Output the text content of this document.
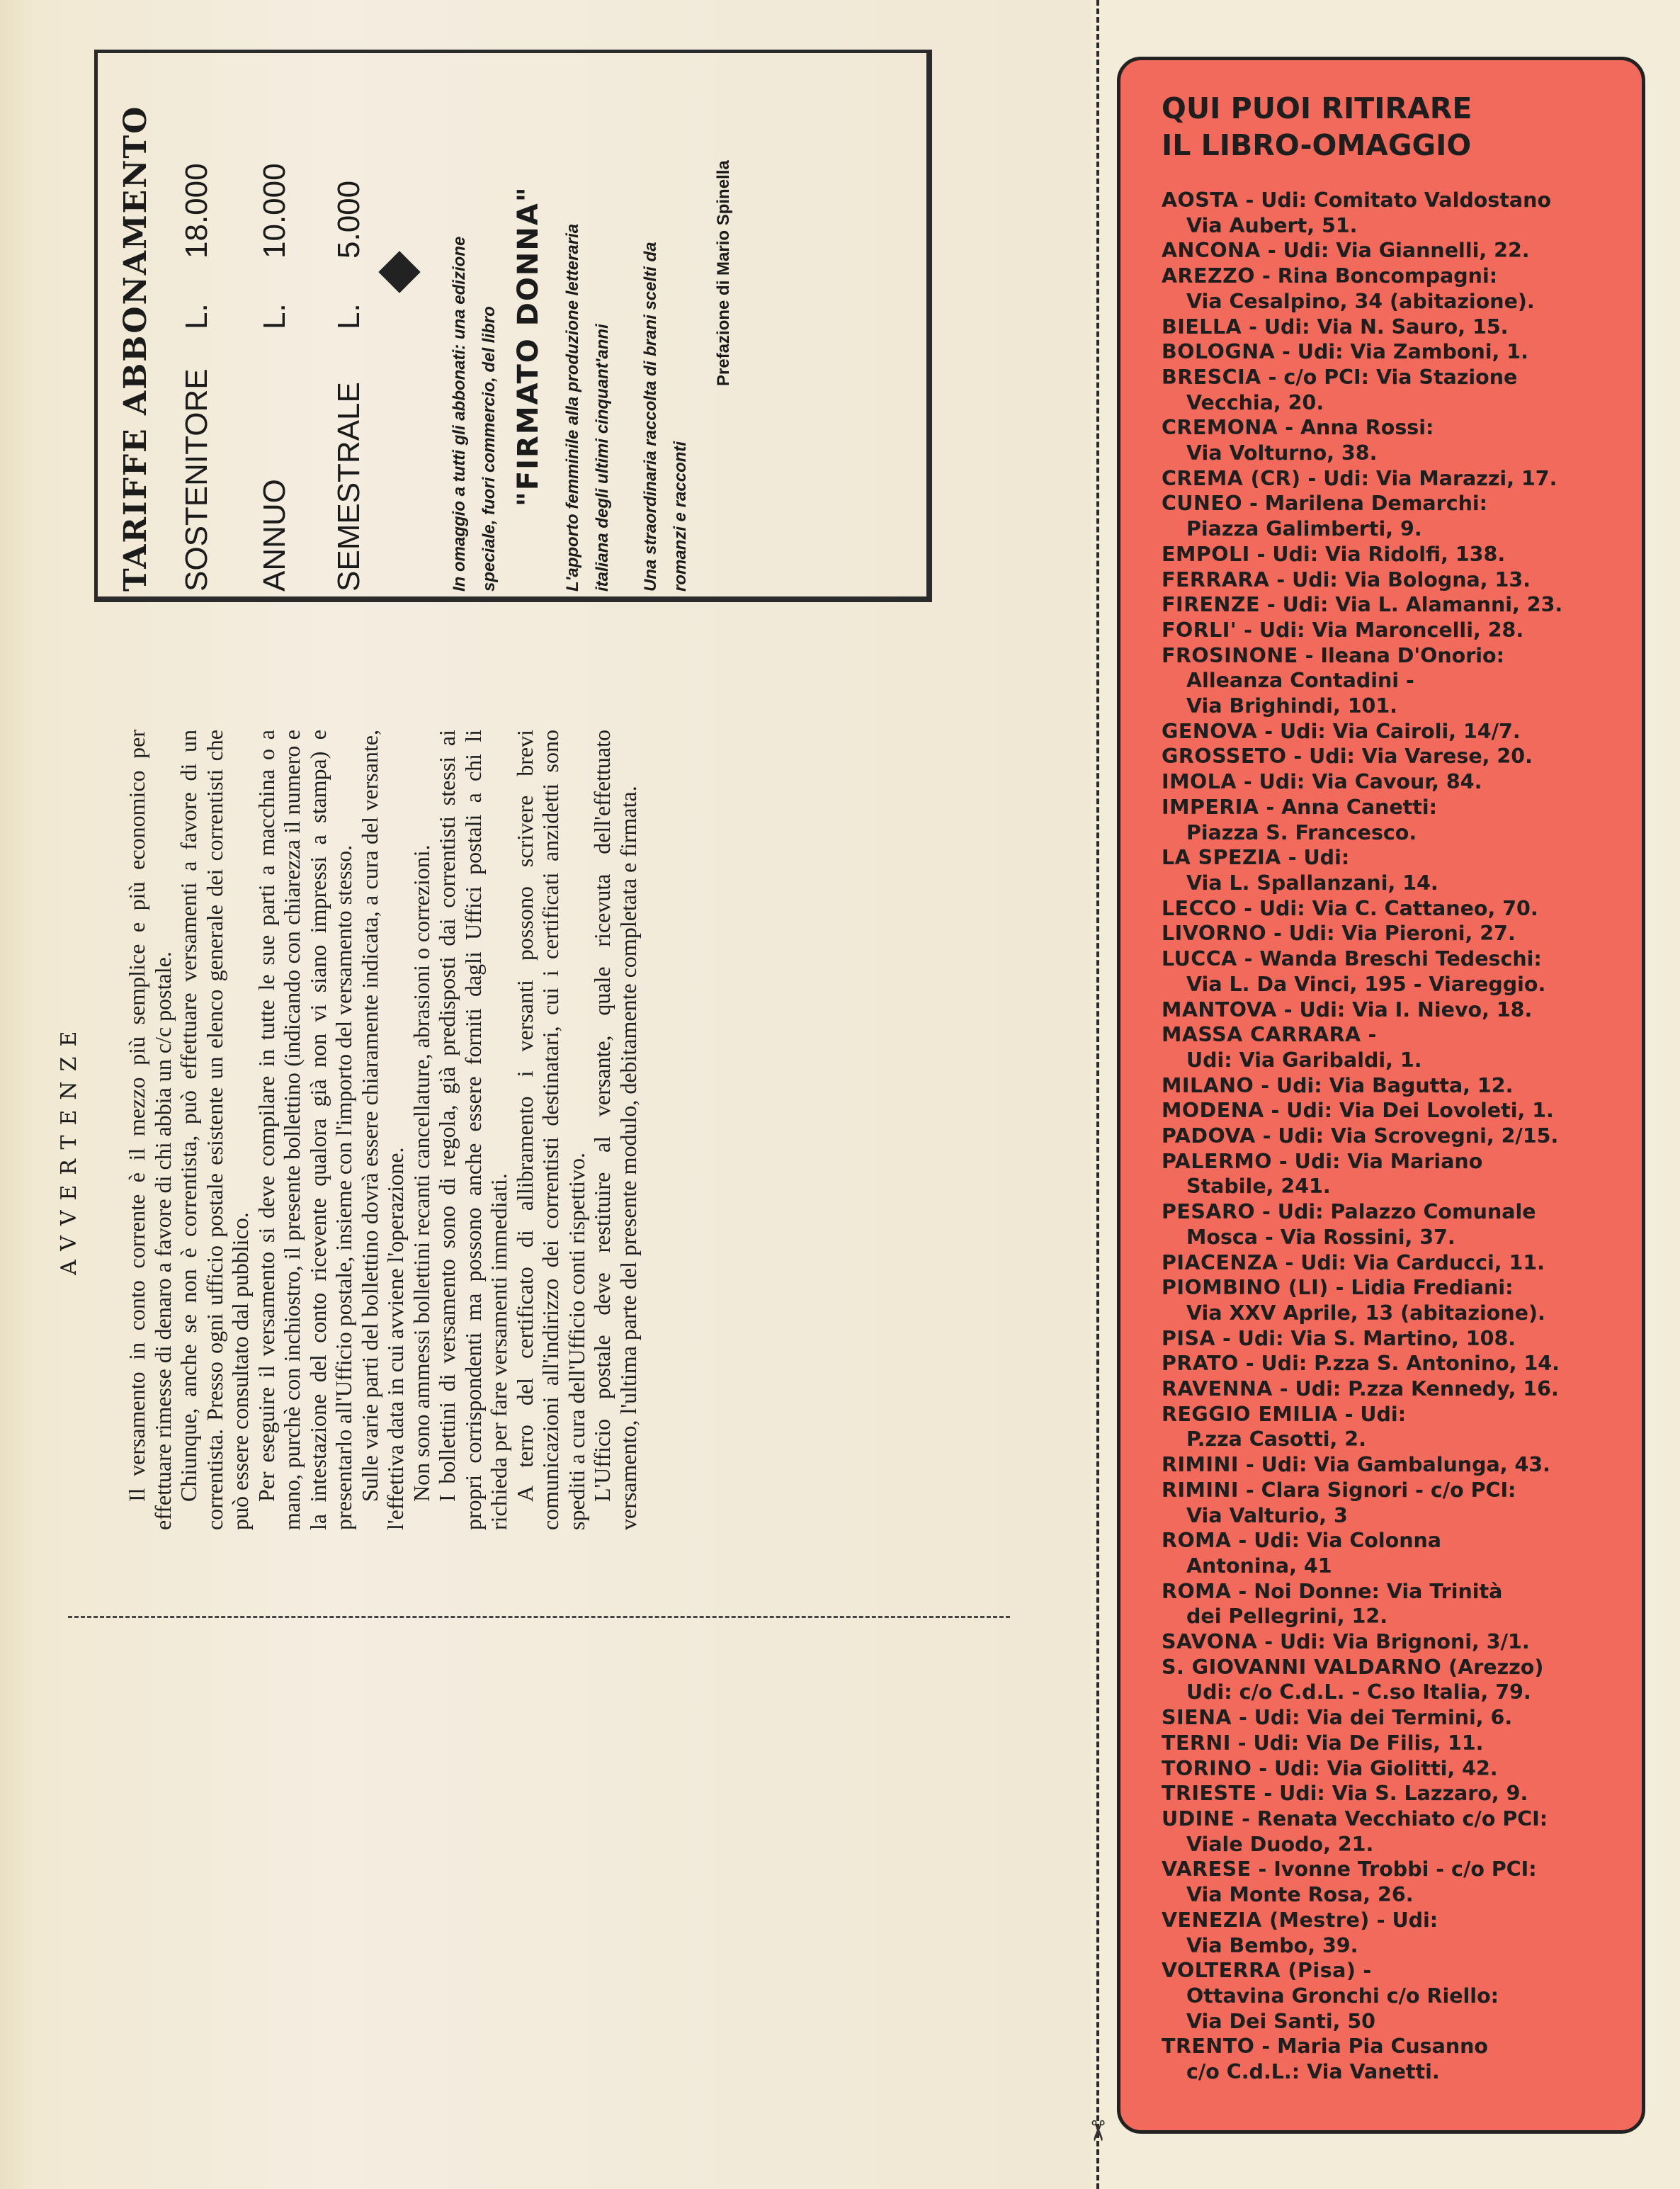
TARIFFE ABBONAMENTO SOSTENITORE
L.
18.000
ANNUO
L.
10.000
SEMESTRALE
L.
5.000
In omaggio a tutti gli abbonati: una edizione speciale, fuori commercio, del libro "FIRMATO DONNA" L'apporto femminile alla produzione letteraria italiana degli ultimi cinquant'anni	Una straordinaria raccolta di brani scelti da romanzi e racconti
Prefazione di Mario Spinella
AVVERTENZE Il versamento in conto corrente è il mezzo più semplice e più economico per effettuare rimesse di denaro a favore di chi abbia un c/c postale. Chiunque, anche se non è correntista, può effettuare versamenti a favore di un correntista. Presso ogni ufficio postale esistente un elenco generale dei correntisti che può essere consultato dal pubblico. Per eseguire il versamento si deve compilare in tutte le sue parti a macchina o a mano, purchè con inchiostro, il presente bollettino (indicando con chiarezza il numero e la intestazione del conto ricevente qualora già non vi siano impressi a stampa) e presentarlo all'Ufficio postale, insieme con l'importo del versamento stesso. Sulle varie parti del bollettino dovrà essere chiaramente indicata, a cura del versante, l'effettiva data in cui avviene l'operazione. Non sono ammessi bollettini recanti cancellature, abrasioni o correzioni. I bollettini di versamento sono di regola, già predisposti dai correntisti stessi ai propri corrispondenti ma possono anche essere forniti dagli Uffici postali a chi li richieda per fare versamenti immediati. A terro del certificato di allibramento i versanti possono scrivere brevi comunicazioni all'indirizzo dei correntisti destinatari, cui i certificati anzidetti sono spediti a cura dell'Ufficio conti rispettivo. L'Ufficio postale deve restituire al versante, quale ricevuta dell'effettuato versamento, l'ultima parte del presente modulo, debitamente completata e firmata.

✂
QUI PUOI RITIRARE
IL LIBRO-OMAGGIO
AOSTA - Udi: Comitato Valdostano
Via Aubert, 51.
ANCONA - Udi: Via Giannelli, 22.
AREZZO - Rina Boncompagni:
Via Cesalpino, 34 (abitazione).
BIELLA - Udi: Via N. Sauro, 15.
BOLOGNA - Udi: Via Zamboni, 1.
BRESCIA - c/o PCI: Via Stazione
Vecchia, 20.
CREMONA - Anna Rossi:
Via Volturno, 38.
CREMA (CR) - Udi: Via Marazzi, 17.
CUNEO - Marilena Demarchi:
Piazza Galimberti, 9.
EMPOLI - Udi: Via Ridolfi, 138.
FERRARA - Udi: Via Bologna, 13.
FIRENZE - Udi: Via L. Alamanni, 23.
FORLI' - Udi: Via Maroncelli, 28.
FROSINONE - Ileana D'Onorio:
Alleanza Contadini -
Via Brighindi, 101.
GENOVA - Udi: Via Cairoli, 14/7.
GROSSETO - Udi: Via Varese, 20.
IMOLA - Udi: Via Cavour, 84.
IMPERIA - Anna Canetti:
Piazza S. Francesco.
LA SPEZIA - Udi:
Via L. Spallanzani, 14.
LECCO - Udi: Via C. Cattaneo, 70.
LIVORNO - Udi: Via Pieroni, 27.
LUCCA - Wanda Breschi Tedeschi:
Via L. Da Vinci, 195 - Viareggio.
MANTOVA - Udi: Via I. Nievo, 18.
MASSA CARRARA -
Udi: Via Garibaldi, 1.
MILANO - Udi: Via Bagutta, 12.
MODENA - Udi: Via Dei Lovoleti, 1.
PADOVA - Udi: Via Scrovegni, 2/15.
PALERMO - Udi: Via Mariano
Stabile, 241.
PESARO - Udi: Palazzo Comunale
Mosca - Via Rossini, 37.
PIACENZA - Udi: Via Carducci, 11.
PIOMBINO (LI) - Lidia Frediani:
Via XXV Aprile, 13 (abitazione).
PISA - Udi: Via S. Martino, 108.
PRATO - Udi: P.zza S. Antonino, 14.
RAVENNA - Udi: P.zza Kennedy, 16.
REGGIO EMILIA - Udi:
P.zza Casotti, 2.
RIMINI - Udi: Via Gambalunga, 43.
RIMINI - Clara Signori - c/o PCI:
Via Valturio, 3
ROMA - Udi: Via Colonna
Antonina, 41
ROMA - Noi Donne: Via Trinità
dei Pellegrini, 12.
SAVONA - Udi: Via Brignoni, 3/1.
S. GIOVANNI VALDARNO (Arezzo)
Udi: c/o C.d.L. - C.so Italia, 79.
SIENA - Udi: Via dei Termini, 6.
TERNI - Udi: Via De Filis, 11.
TORINO - Udi: Via Giolitti, 42.
TRIESTE - Udi: Via S. Lazzaro, 9.
UDINE - Renata Vecchiato c/o PCI:
Viale Duodo, 21.
VARESE - Ivonne Trobbi - c/o PCI:
Via Monte Rosa, 26.
VENEZIA (Mestre) - Udi:
Via Bembo, 39.
VOLTERRA (Pisa) -
Ottavina Gronchi c/o Riello:
Via Dei Santi, 50
TRENTO - Maria Pia Cusanno
c/o C.d.L.: Via Vanetti.
